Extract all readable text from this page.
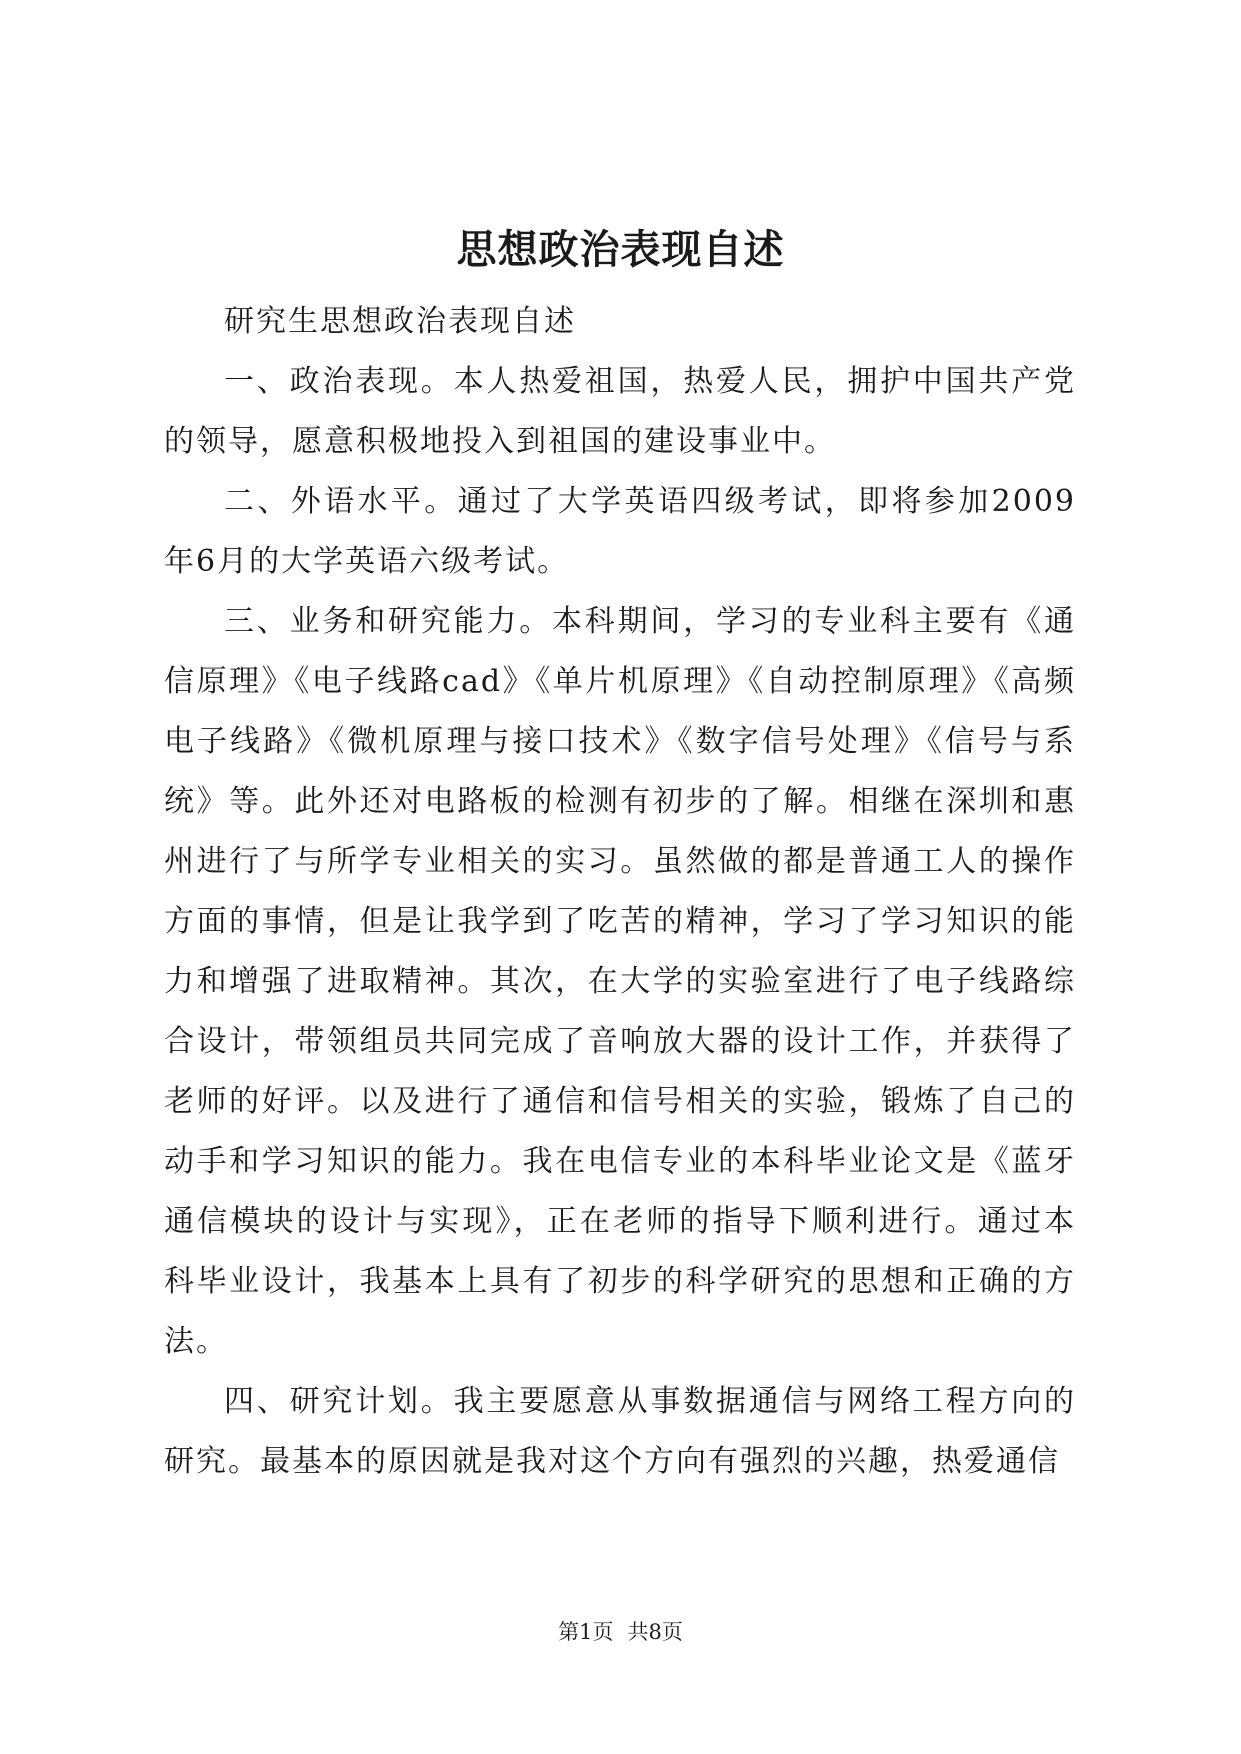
思想政治表现自述

研究生思想政治表现自述

一、政治表现。本人热爱祖国，热爱人民，拥护中国共产党的领导，愿意积极地投入到祖国的建设事业中。

二、外语水平。通过了大学英语四级考试，即将参加2009年6月的大学英语六级考试。

三、业务和研究能力。本科期间，学习的专业科主要有《通信原理》《电子线路cad》《单片机原理》《自动控制原理》《高频电子线路》《微机原理与接口技术》《数字信号处理》《信号与系统》等。此外还对电路板的检测有初步的了解。相继在深圳和惠州进行了与所学专业相关的实习。虽然做的都是普通工人的操作方面的事情，但是让我学到了吃苦的精神，学习了学习知识的能力和增强了进取精神。其次，在大学的实验室进行了电子线路综合设计，带领组员共同完成了音响放大器的设计工作，并获得了老师的好评。以及进行了通信和信号相关的实验，锻炼了自己的动手和学习知识的能力。我在电信专业的本科毕业论文是《蓝牙通信模块的设计与实现》，正在老师的指导下顺利进行。通过本科毕业设计，我基本上具有了初步的科学研究的思想和正确的方法。

四、研究计划。我主要愿意从事数据通信与网络工程方向的研究。最基本的原因就是我对这个方向有强烈的兴趣，热爱通信

第1页 共8页
